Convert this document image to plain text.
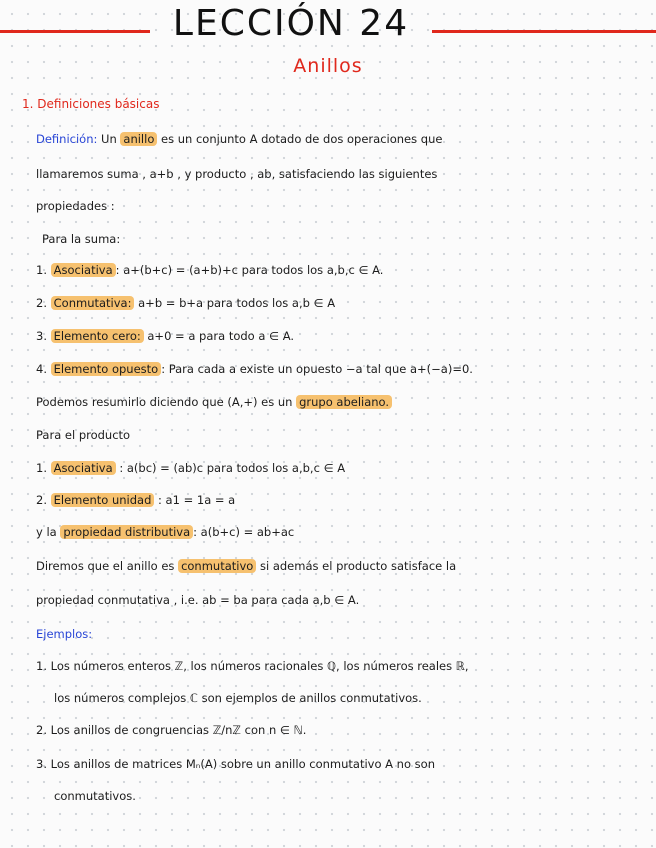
LECCIÓN 24
Anillos
1. Definiciones básicas
Definición: Un anillo es un conjunto A dotado de dos operaciones que
llamaremos suma , a+b , y producto , ab, satisfaciendo las siguientes
propiedades :
Para la suma:
1. Asociativa : a+(b+c) = (a+b)+c para todos los a,b,c ∈ A.
2. Conmutativa: a+b = b+a para todos los a,b ∈ A
3. Elemento cero: a+0 = a para todo a ∈ A.
4. Elemento opuesto : Para cada a existe un opuesto −a tal que a+(−a)=0.
Podemos resumirlo diciendo que (A,+) es un grupo abeliano.
Para el producto
1. Asociativa : a(bc) = (ab)c para todos los a,b,c ∈ A
2. Elemento unidad : a1 = 1a = a
y la propiedad distributiva : a(b+c) = ab+ac
Diremos que el anillo es conmutativo si además el producto satisface la
propiedad conmutativa , i.e. ab = ba para cada a,b ∈ A.
Ejemplos:
1. Los números enteros ℤ, los números racionales ℚ, los números reales ℝ,
los números complejos ℂ son ejemplos de anillos conmutativos.
2. Los anillos de congruencias ℤ/nℤ con n ∈ ℕ.
3. Los anillos de matrices Mₙ(A) sobre un anillo conmutativo A no son
conmutativos.
